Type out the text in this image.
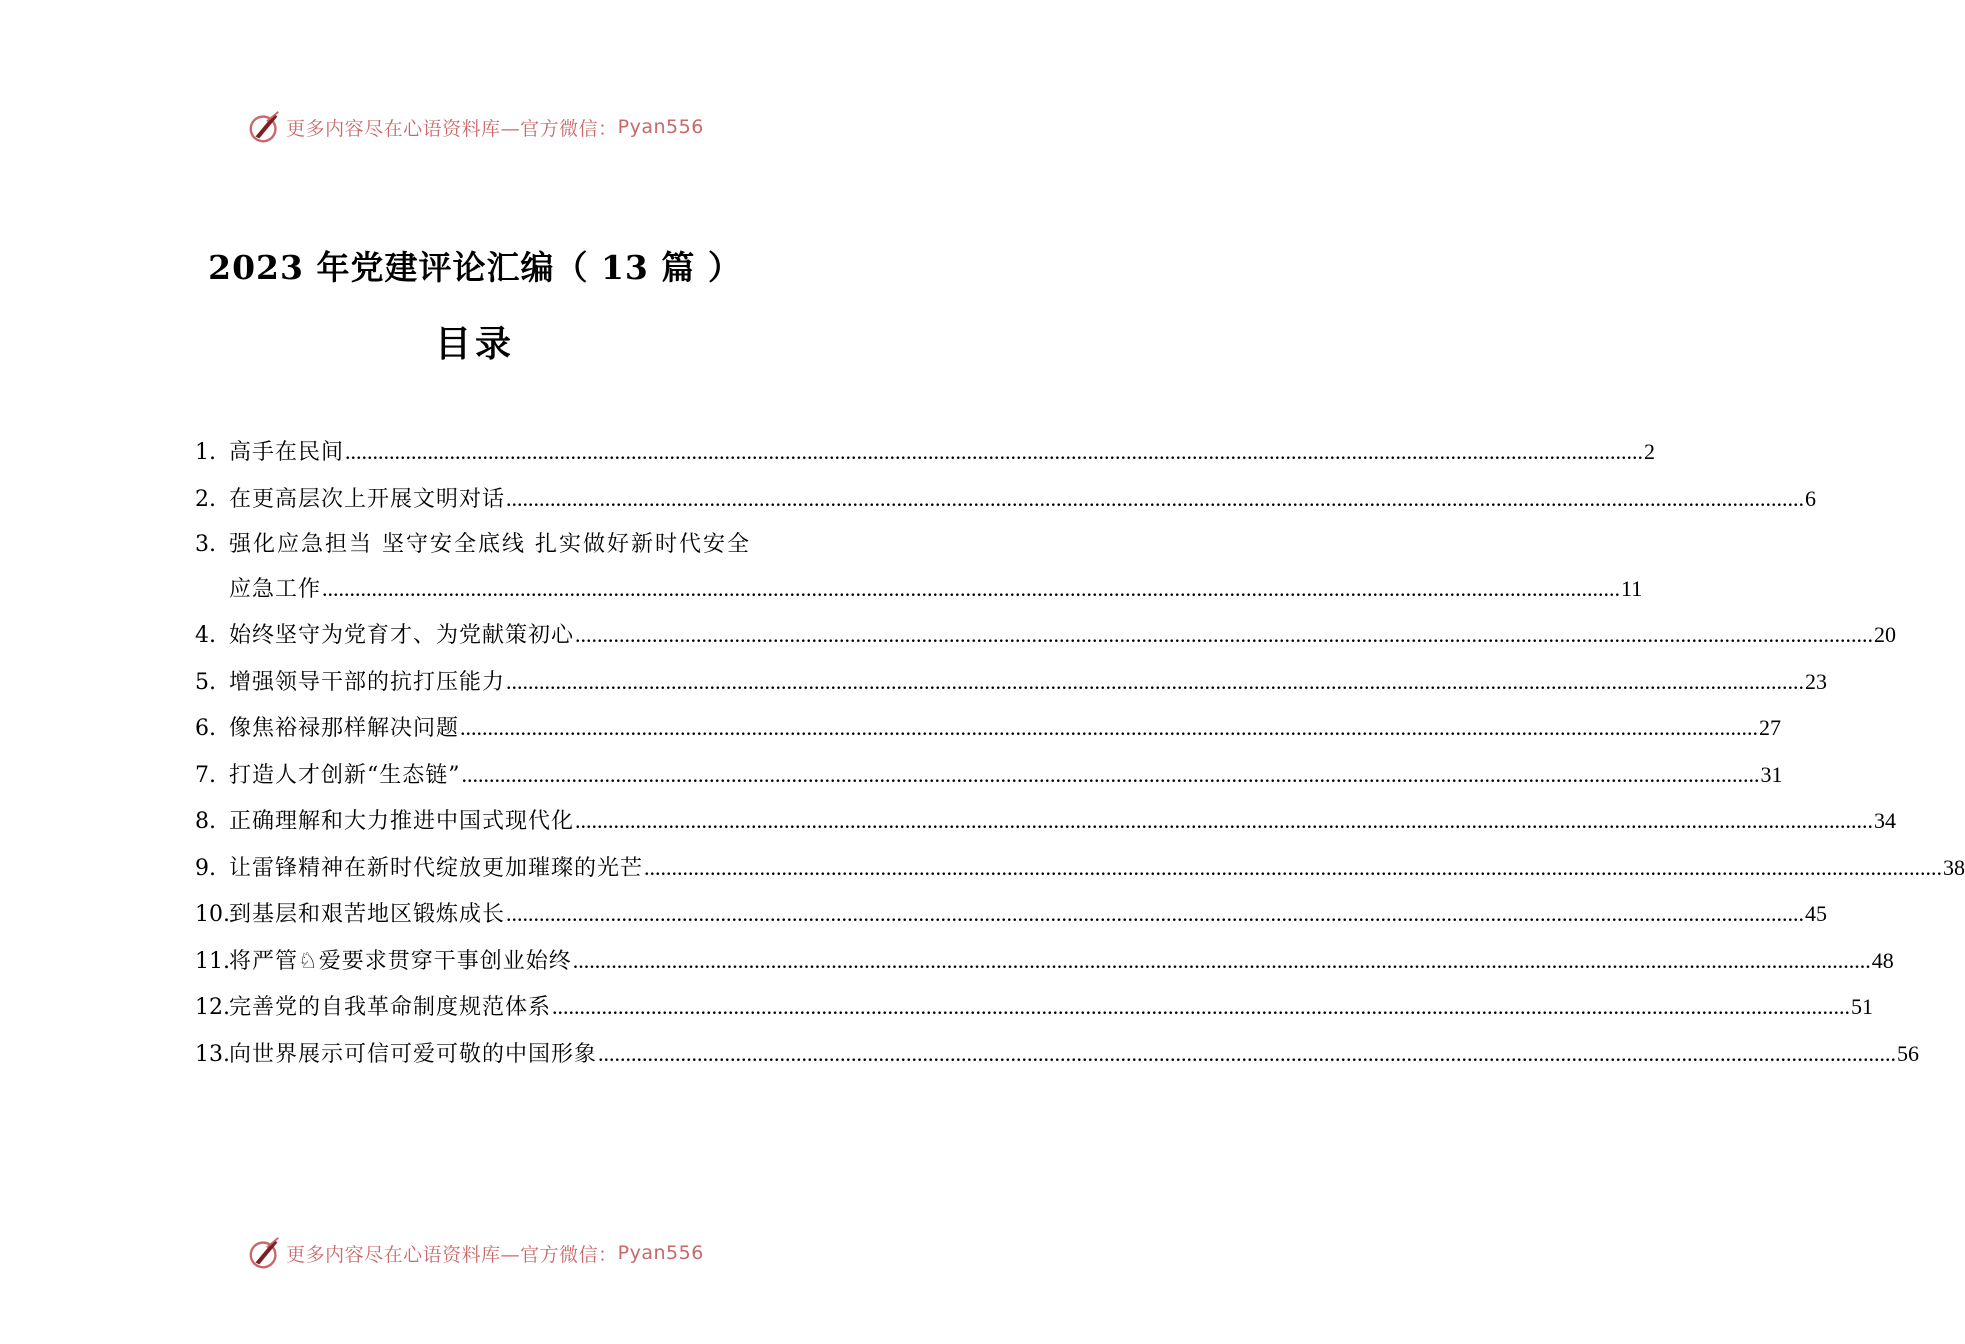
更多内容尽在心语资料库—官方微信： Pyan556
2023 年党建评论汇编（ 13 篇 ）
目录
1. 高手在民间 .....	2
2. 在更高层次上开展文明对话 .....	6
3. 强化应急担当 坚守安全底线 扎实做好新时代安全
应急工作 .....	11
4. 始终坚守为党育才、为党献策初心 .....	20
5. 增强领导干部的抗打压能力 .....	23
6. 像焦裕禄那样解决问题 .....	27
7. 打造人才创新“生态链” .....	31
8. 正确理解和大力推进中国式现代化 .....	34
9. 让雷锋精神在新时代绽放更加璀璨的光芒 .....	38
10. 到基层和艰苦地区锻炼成长 .....	45
11. 将严管♘爱要求贯穿干事创业始终 .....	48
12. 完善党的自我革命制度规范体系 .....	51
13. 向世界展示可信可爱可敬的中国形象 .....	56
更多内容尽在心语资料库—官方微信： Pyan556
